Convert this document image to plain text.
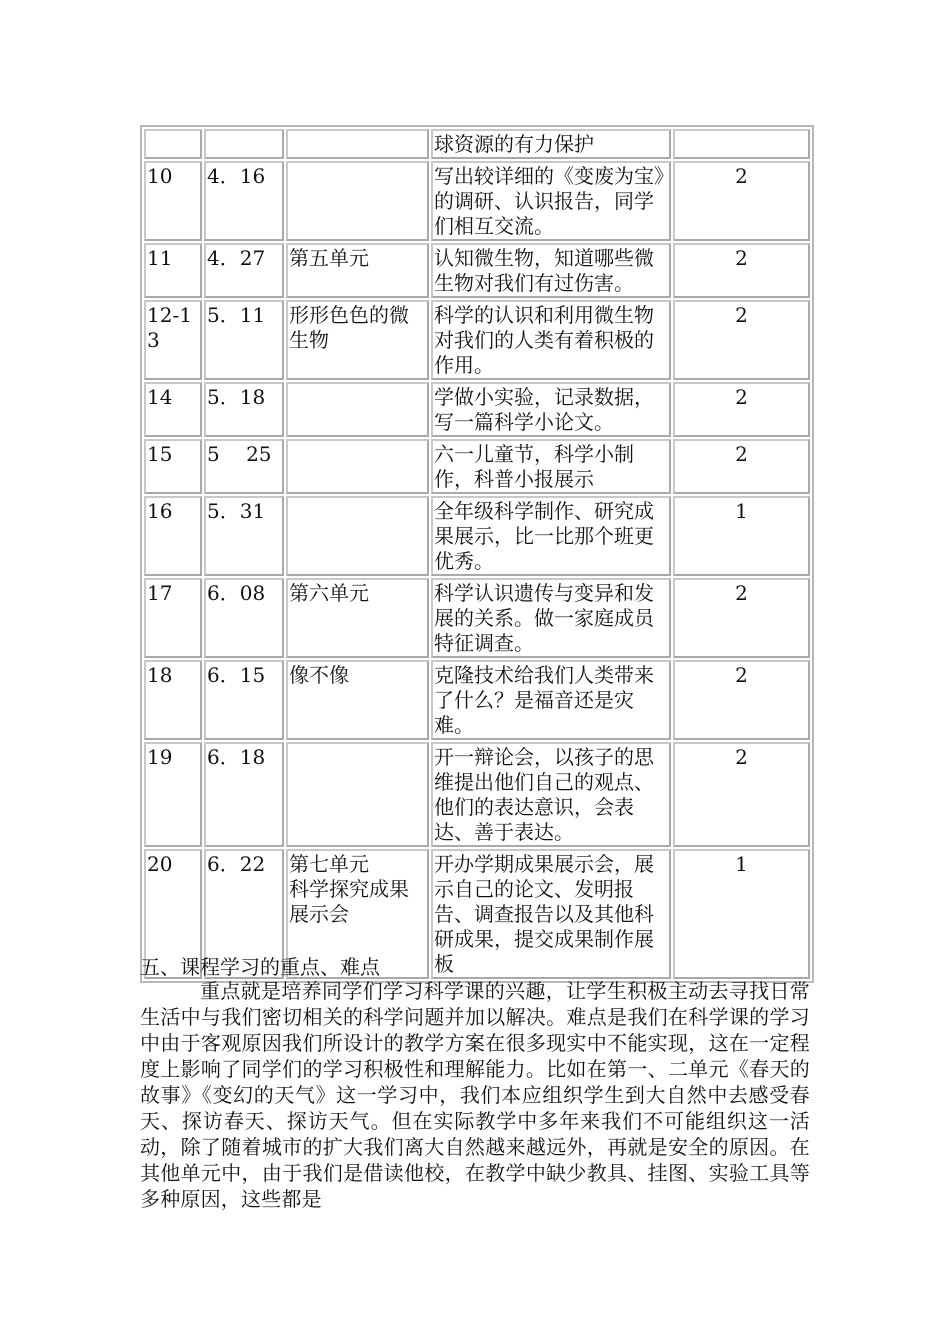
			球资源的有力保护	
10	4．16		写出较详细的《变废为宝》的调研、认识报告，同学们相互交流。	2
11	4．27	第五单元	认知微生物，知道哪些微生物对我们有过伤害。	2
12-13	5．11	形形色色的微生物	科学的认识和利用微生物对我们的人类有着积极的作用。	2
14	5．18		学做小实验，记录数据，写一篇科学小论文。	2
15	5　 25		六一儿童节，科学小制作，科普小报展示	2
16	5．31		全年级科学制作、研究成果展示，比一比那个班更优秀。	1
17	6．08	第六单元	科学认识遗传与变异和发展的关系。做一家庭成员特征调查。	2
18	6．15	像不像	克隆技术给我们人类带来了什么？是福音还是灾难。	2
19	6．18		开一辩论会，以孩子的思维提出他们自己的观点、他们的表达意识，会表达、善于表达。	2
20	6．22	第七单元
科学探究成果展示会	开办学期成果展示会，展示自己的论文、发明报告、调查报告以及其他科研成果，提交成果制作展板	1
五、课程学习的重点、难点
重点就是培养同学们学习科学课的兴趣，让学生积极主动去寻找日常生活中与我们密切相关的科学问题并加以解决。难点是我们在科学课的学习中由于客观原因我们所设计的教学方案在很多现实中不能实现，这在一定程度上影响了同学们的学习积极性和理解能力。比如在第一、二单元《春天的故事》《变幻的天气》这一学习中，我们本应组织学生到大自然中去感受春天、探访春天、探访天气。但在实际教学中多年来我们不可能组织这一活动，除了随着城市的扩大我们离大自然越来越远外，再就是安全的原因。在其他单元中，由于我们是借读他校，在教学中缺少教具、挂图、实验工具等多种原因，这些都是
